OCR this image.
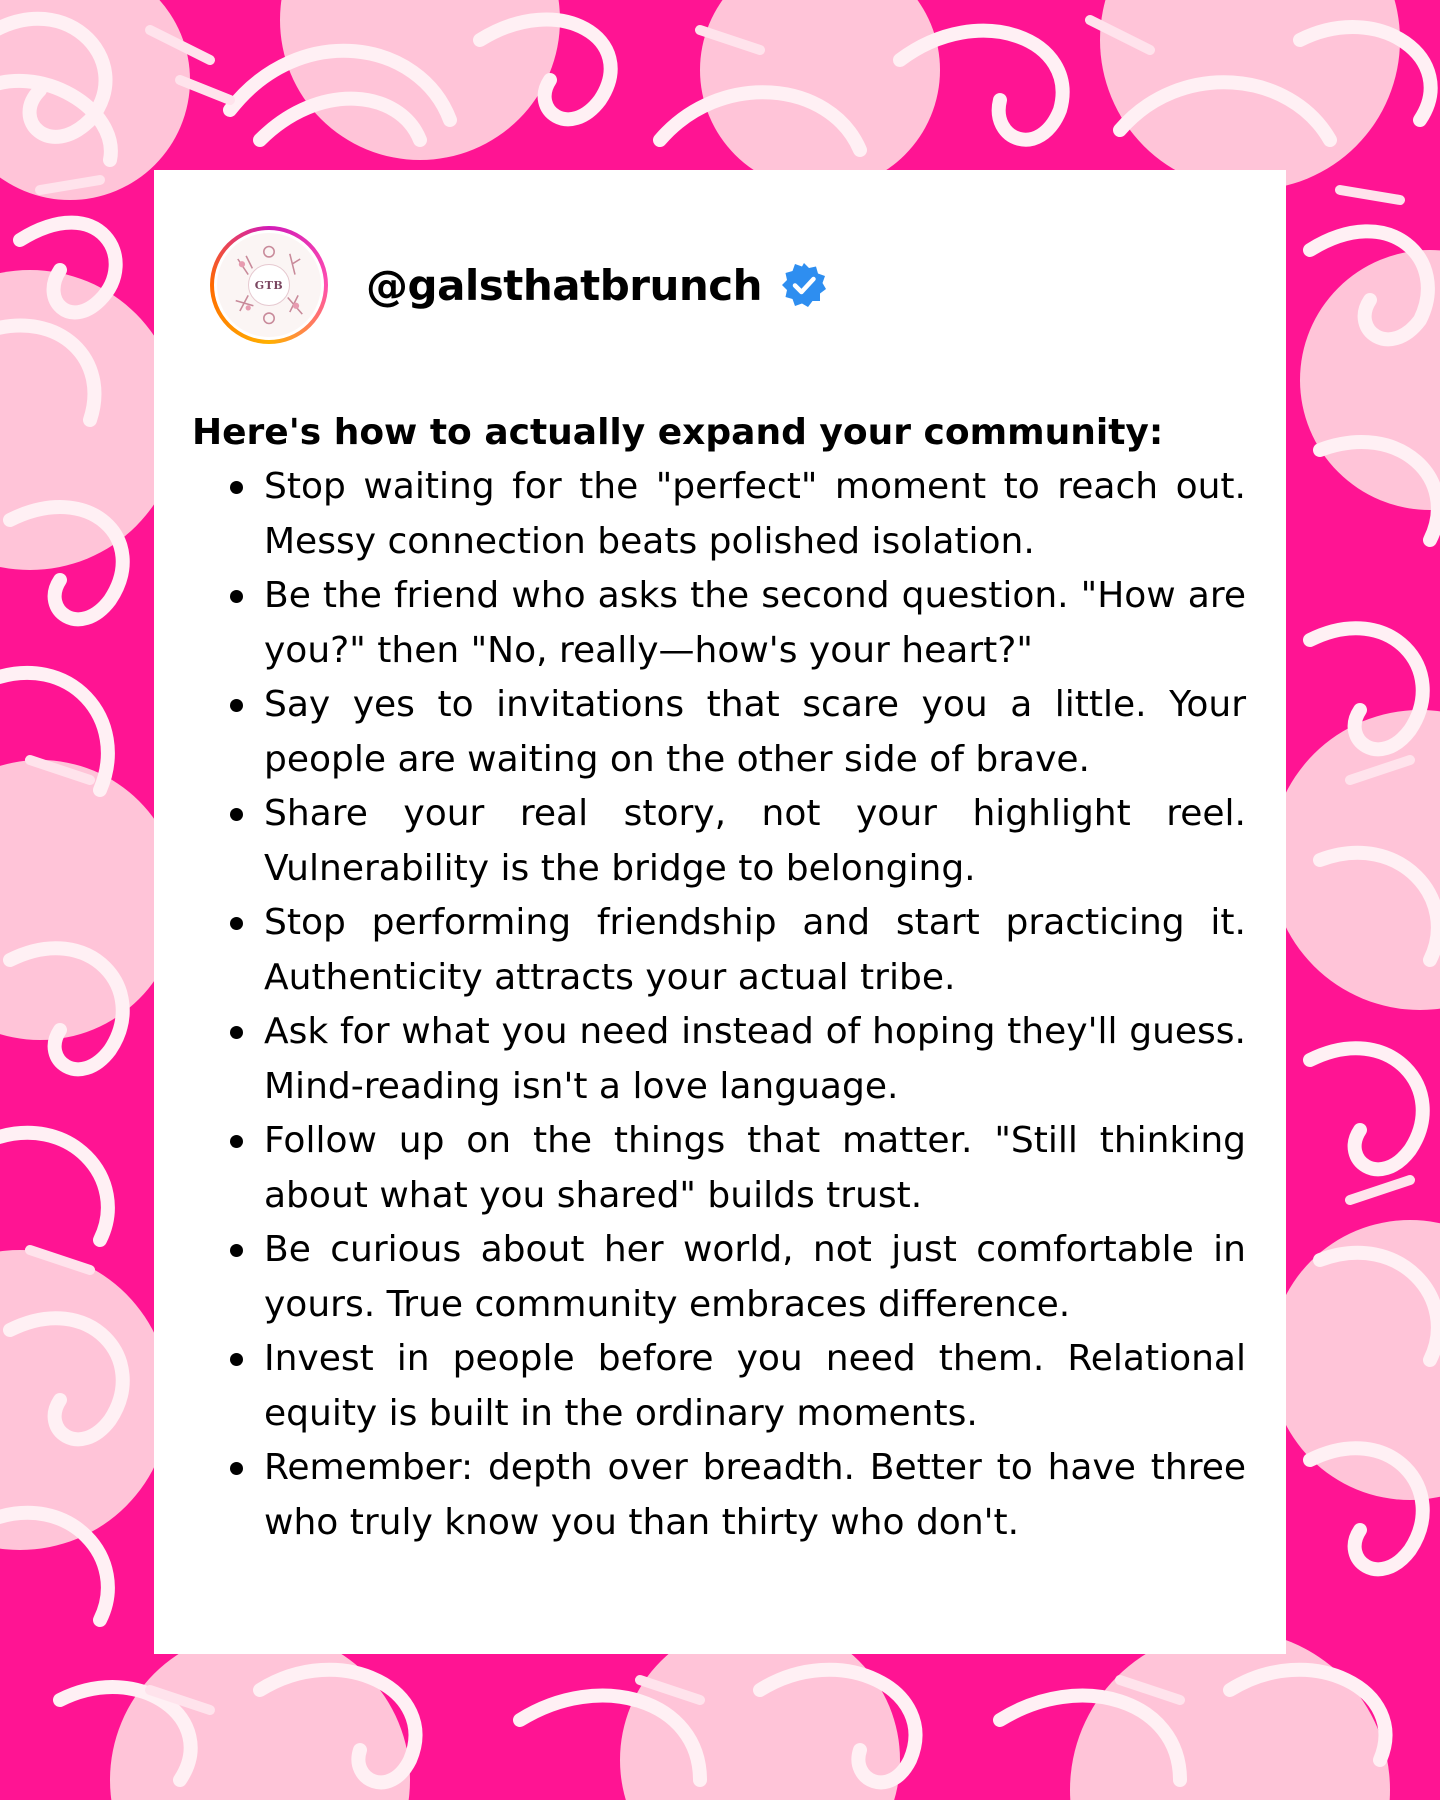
GTB @galsthatbrunch

Here's how to actually expand your community:

Stop waiting for the "perfect" moment to reach out. Messy connection beats polished isolation.
Be the friend who asks the second question. "How are you?" then "No, really—how's your heart?"
Say yes to invitations that scare you a little. Your people are waiting on the other side of brave.
Share your real story, not your highlight reel. Vulnerability is the bridge to belonging.
Stop performing friendship and start practicing it. Authenticity attracts your actual tribe.
Ask for what you need instead of hoping they'll guess. Mind-reading isn't a love language.
Follow up on the things that matter. "Still thinking about what you shared" builds trust.
Be curious about her world, not just comfortable in yours. True community embraces difference.
Invest in people before you need them. Relational equity is built in the ordinary moments.
Remember: depth over breadth. Better to have three who truly know you than thirty who don't.
